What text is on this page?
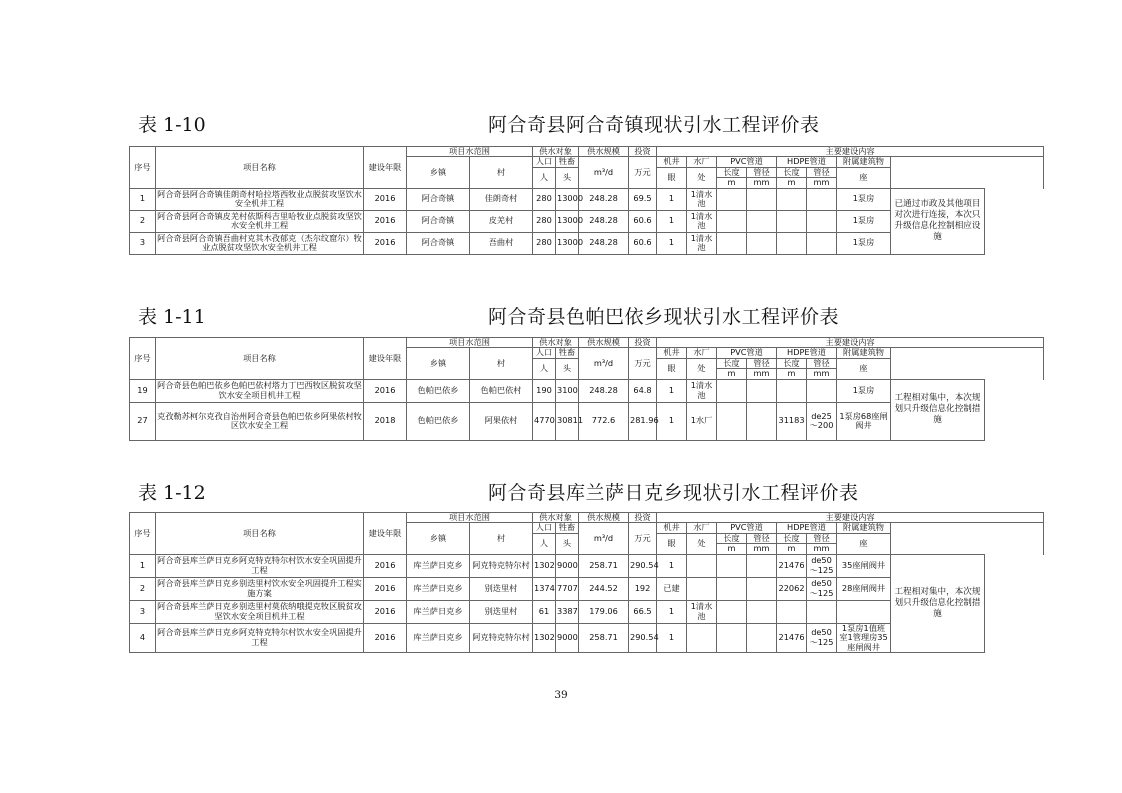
表 1-10	阿合奇县阿合奇镇现状引水工程评价表
序号	项目名称	建设年限	项目水范围		供水对象		供水规模	投资	主要建设内容	
			乡镇	村	人口	牲畜	m³/d	万元	机井	水厂	PVC管道		HDPE管道		附属建筑物		
					人	头			眼	处	长度	管径	长度	管径	座		
											m	mm	m	mm			
1	阿合奇县阿合奇镇佳朗奇村哈拉塔西牧业点脱贫攻坚饮水安全机井工程	2016	阿合奇镇	佳朗奇村	280	13000	248.28	69.5	1	1清水池					1泵房	已通过市政及其他项目对次进行连接，本次只升级信息化控制相应设施	
2	阿合奇县阿合奇镇皮羌村依斯科吉里哈牧业点脱贫攻坚饮水安全机井工程	2016	阿合奇镇	皮羌村	280	13000	248.28	60.6	1	1清水池					1泵房		
3	阿合奇县阿合奇镇吾曲村克其木孜郁克（杰尔纹窟尔）牧业点脱贫攻坚饮水安全机井工程	2016	阿合奇镇	吾曲村	280	13000	248.28	60.6	1	1清水池					1泵房		
表 1-11	阿合奇县色帕巴依乡现状引水工程评价表
序号	项目名称	建设年限	项目水范围		供水对象		供水规模	投资	主要建设内容	
			乡镇	村	人口	牲畜	m³/d	万元	机井	水厂	PVC管道		HDPE管道		附属建筑物		
					人	头			眼	处	长度	管径	长度	管径	座		
											m	mm	m	mm			
19	阿合奇县色帕巴依乡色帕巴依村塔力丁巴西牧区脱贫攻坚饮水安全项目机井工程	2016	色帕巴依乡	色帕巴依村	190	3100	248.28	64.8	1	1清水池					1泵房	工程相对集中，本次规划只升级信息化控制措施	
27	克孜勒苏柯尔克孜自治州阿合奇县色帕巴依乡阿果依村牧区饮水安全工程	2018	色帕巴依乡	阿果依村	4770	30811	772.6	281.96	1	1水厂			31183	de25～200	1泵房68座闸阀井		
表 1-12	阿合奇县库兰萨日克乡现状引水工程评价表
序号	项目名称	建设年限	项目水范围		供水对象		供水规模	投资	主要建设内容	
			乡镇	村	人口	牲畜	m³/d	万元	机井	水厂	PVC管道		HDPE管道		附属建筑物		
					人	头			眼	处	长度	管径	长度	管径	座		
											m	mm	m	mm			
1	阿合奇县库兰萨日克乡阿克特克特尔村饮水安全巩固提升工程	2016	库兰萨日克乡	阿克特克特尔村	1302	9000	258.71	290.54	1				21476	de50～125	35座闸阀井	工程相对集中，本次规划只升级信息化控制措施	
2	阿合奇县库兰萨日克乡别迭里村饮水安全巩固提升工程实施方案	2016	库兰萨日克乡	别迭里村	1374	7707	244.52	192	已建				22062	de50～125	28座闸阀井		
3	阿合奇县库兰萨日克乡别迭里村莫依纳哦提克牧区脱贫攻坚饮水安全项目机井工程	2016	库兰萨日克乡	别迭里村	61	3387	179.06	66.5	1	1清水池							
4	阿合奇县库兰萨日克乡阿克特克特尔村饮水安全巩固提升工程	2016	库兰萨日克乡	阿克特克特尔村	1302	9000	258.71	290.54	1				21476	de50～125	1泵房1值班室1管理房35座闸阀井		
39
